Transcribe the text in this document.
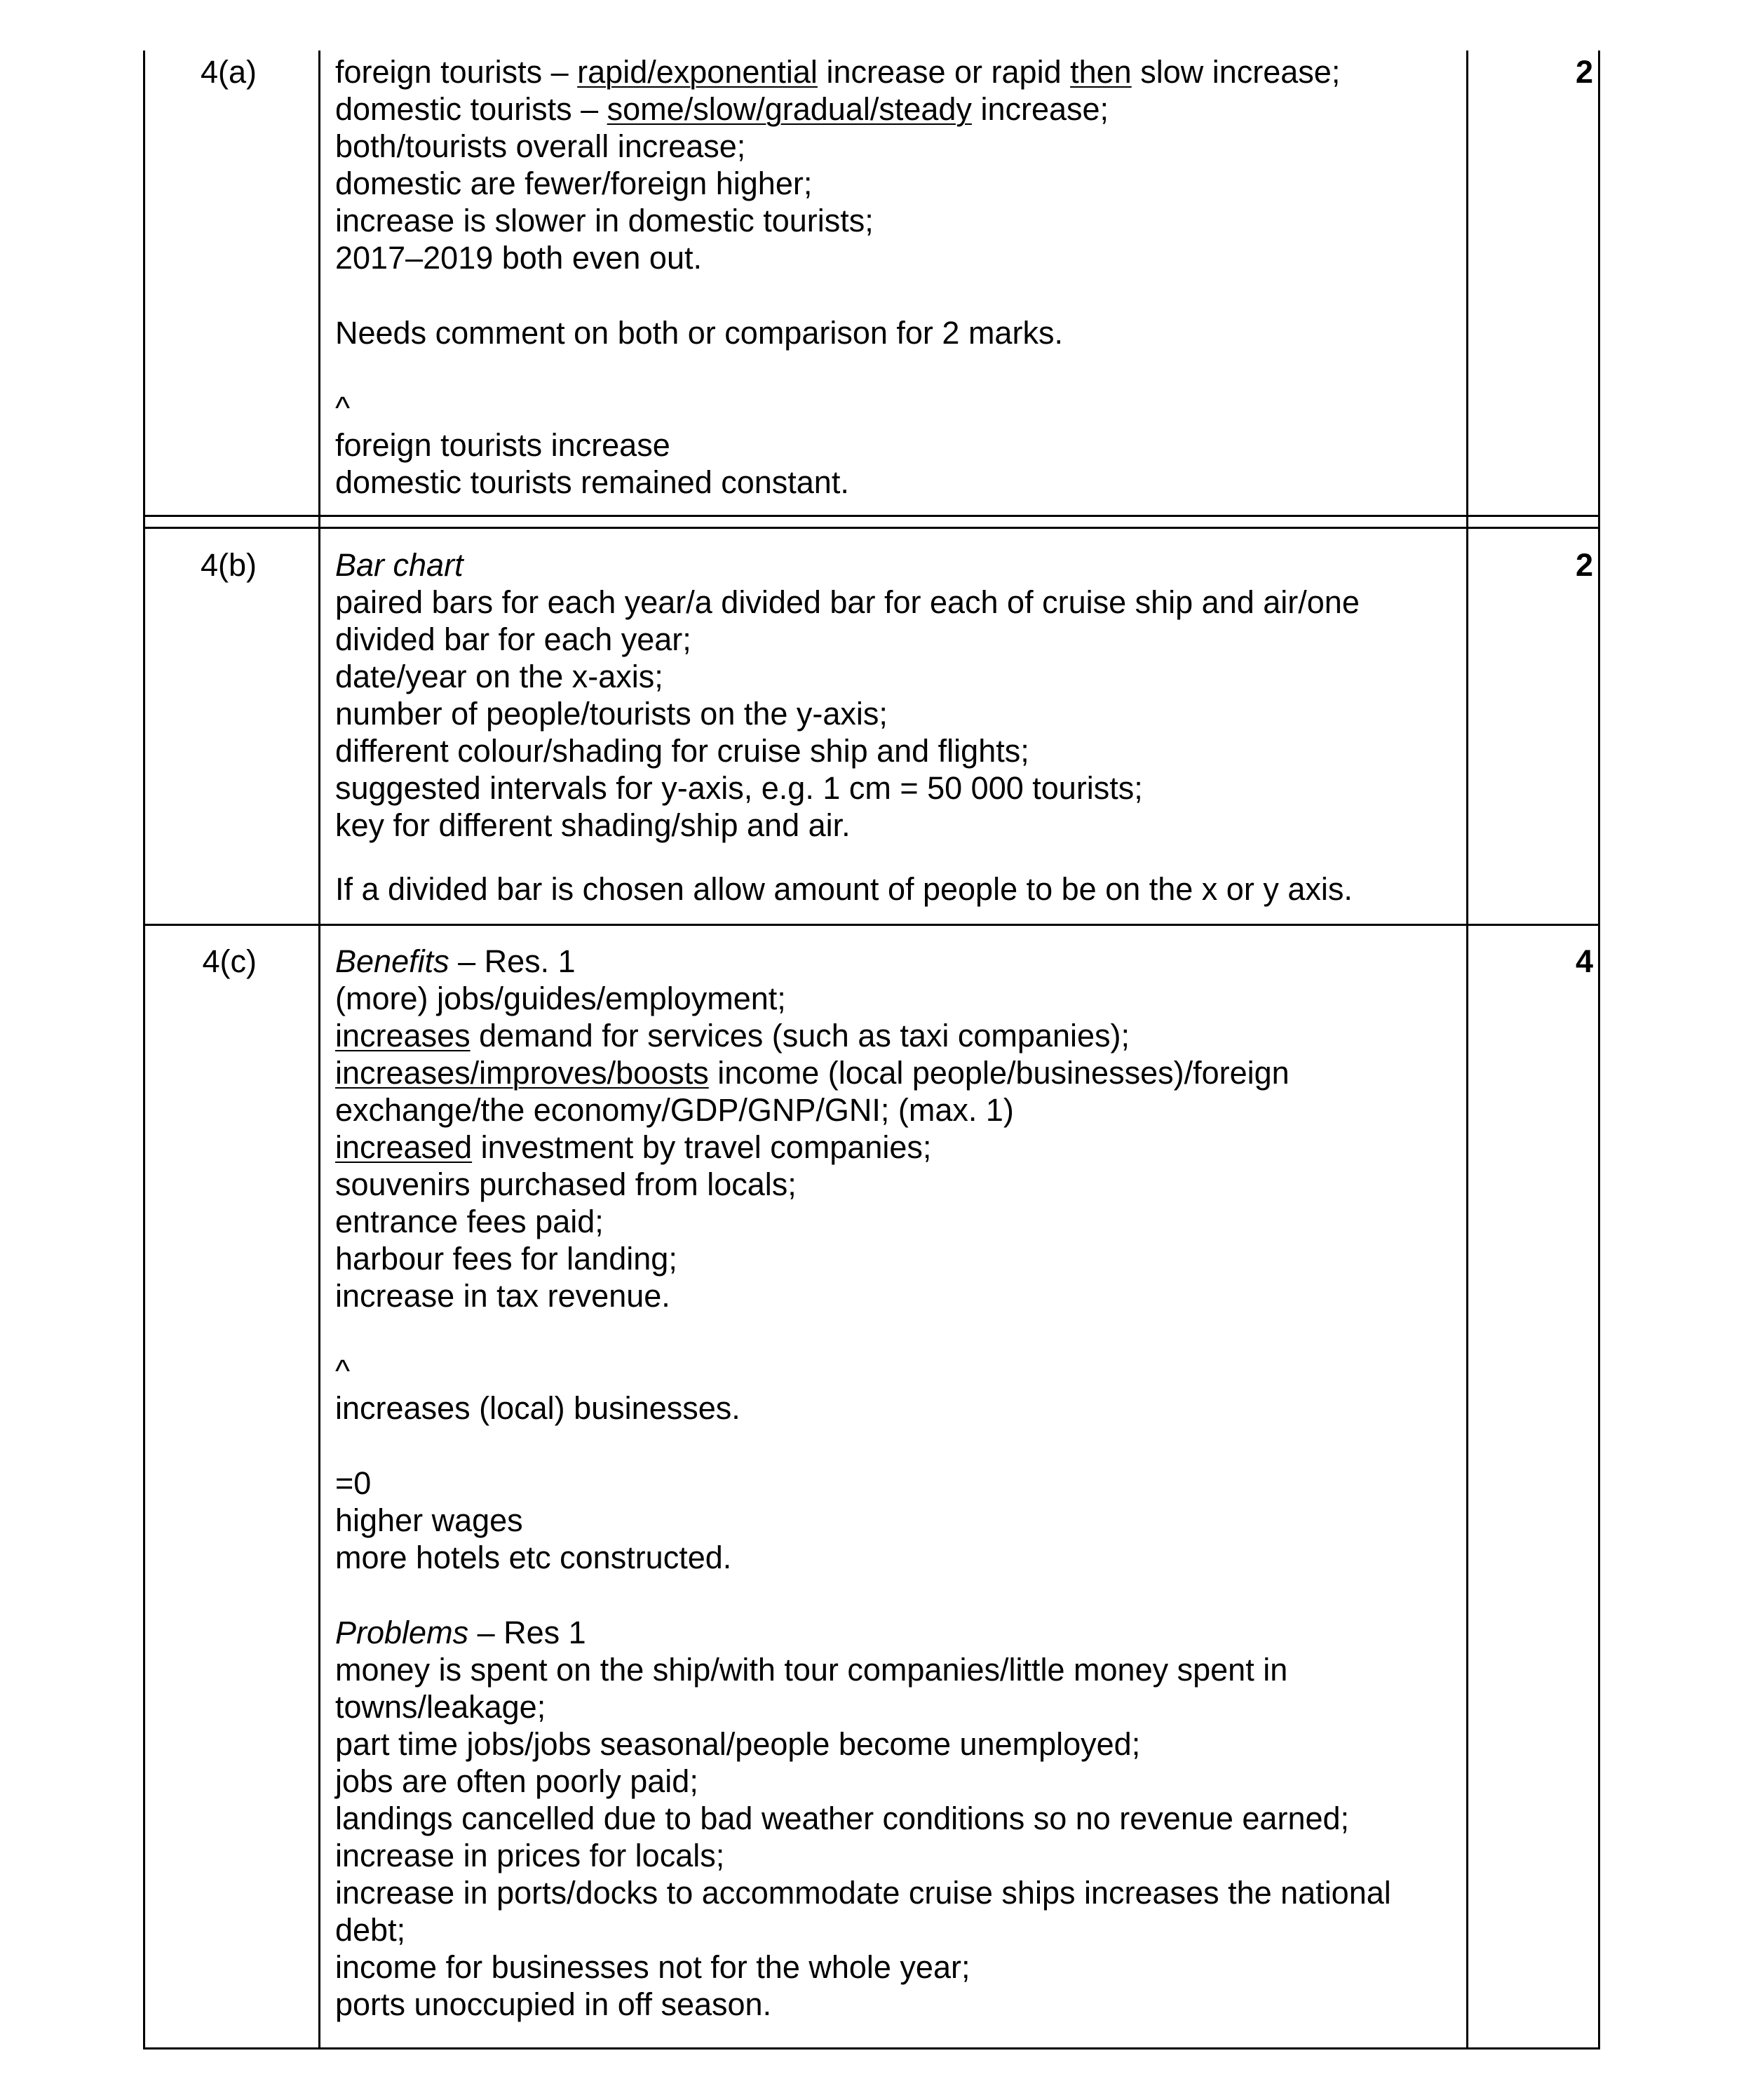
4(a) foreign tourists – rapid/exponential increase or rapid then slow increase;
domestic tourists – some/slow/gradual/steady increase;
both/tourists overall increase;
domestic are fewer/foreign higher;
increase is slower in domestic tourists;
2017–2019 both even out.
Needs comment on both or comparison for 2 marks.
^
foreign tourists increase
domestic tourists remained constant.
2
4(b) Bar chart
paired bars for each year/a divided bar for each of cruise ship and air/one
divided bar for each year;
date/year on the x-axis;
number of people/tourists on the y-axis;
different colour/shading for cruise ship and flights;
suggested intervals for y-axis, e.g. 1 cm = 50 000 tourists;
key for different shading/ship and air.
If a divided bar is chosen allow amount of people to be on the x or y axis.
2
4(c) Benefits – Res. 1
(more) jobs/guides/employment;
increases demand for services (such as taxi companies);
increases/improves/boosts income (local people/businesses)/foreign
exchange/the economy/GDP/GNP/GNI; (max. 1)
increased investment by travel companies;
souvenirs purchased from locals;
entrance fees paid;
harbour fees for landing;
increase in tax revenue.
^
increases (local) businesses.
=0
higher wages
more hotels etc constructed.
Problems – Res 1
money is spent on the ship/with tour companies/little money spent in
towns/leakage;
part time jobs/jobs seasonal/people become unemployed;
jobs are often poorly paid;
landings cancelled due to bad weather conditions so no revenue earned;
increase in prices for locals;
increase in ports/docks to accommodate cruise ships increases the national
debt;
income for businesses not for the whole year;
ports unoccupied in off season.
4
